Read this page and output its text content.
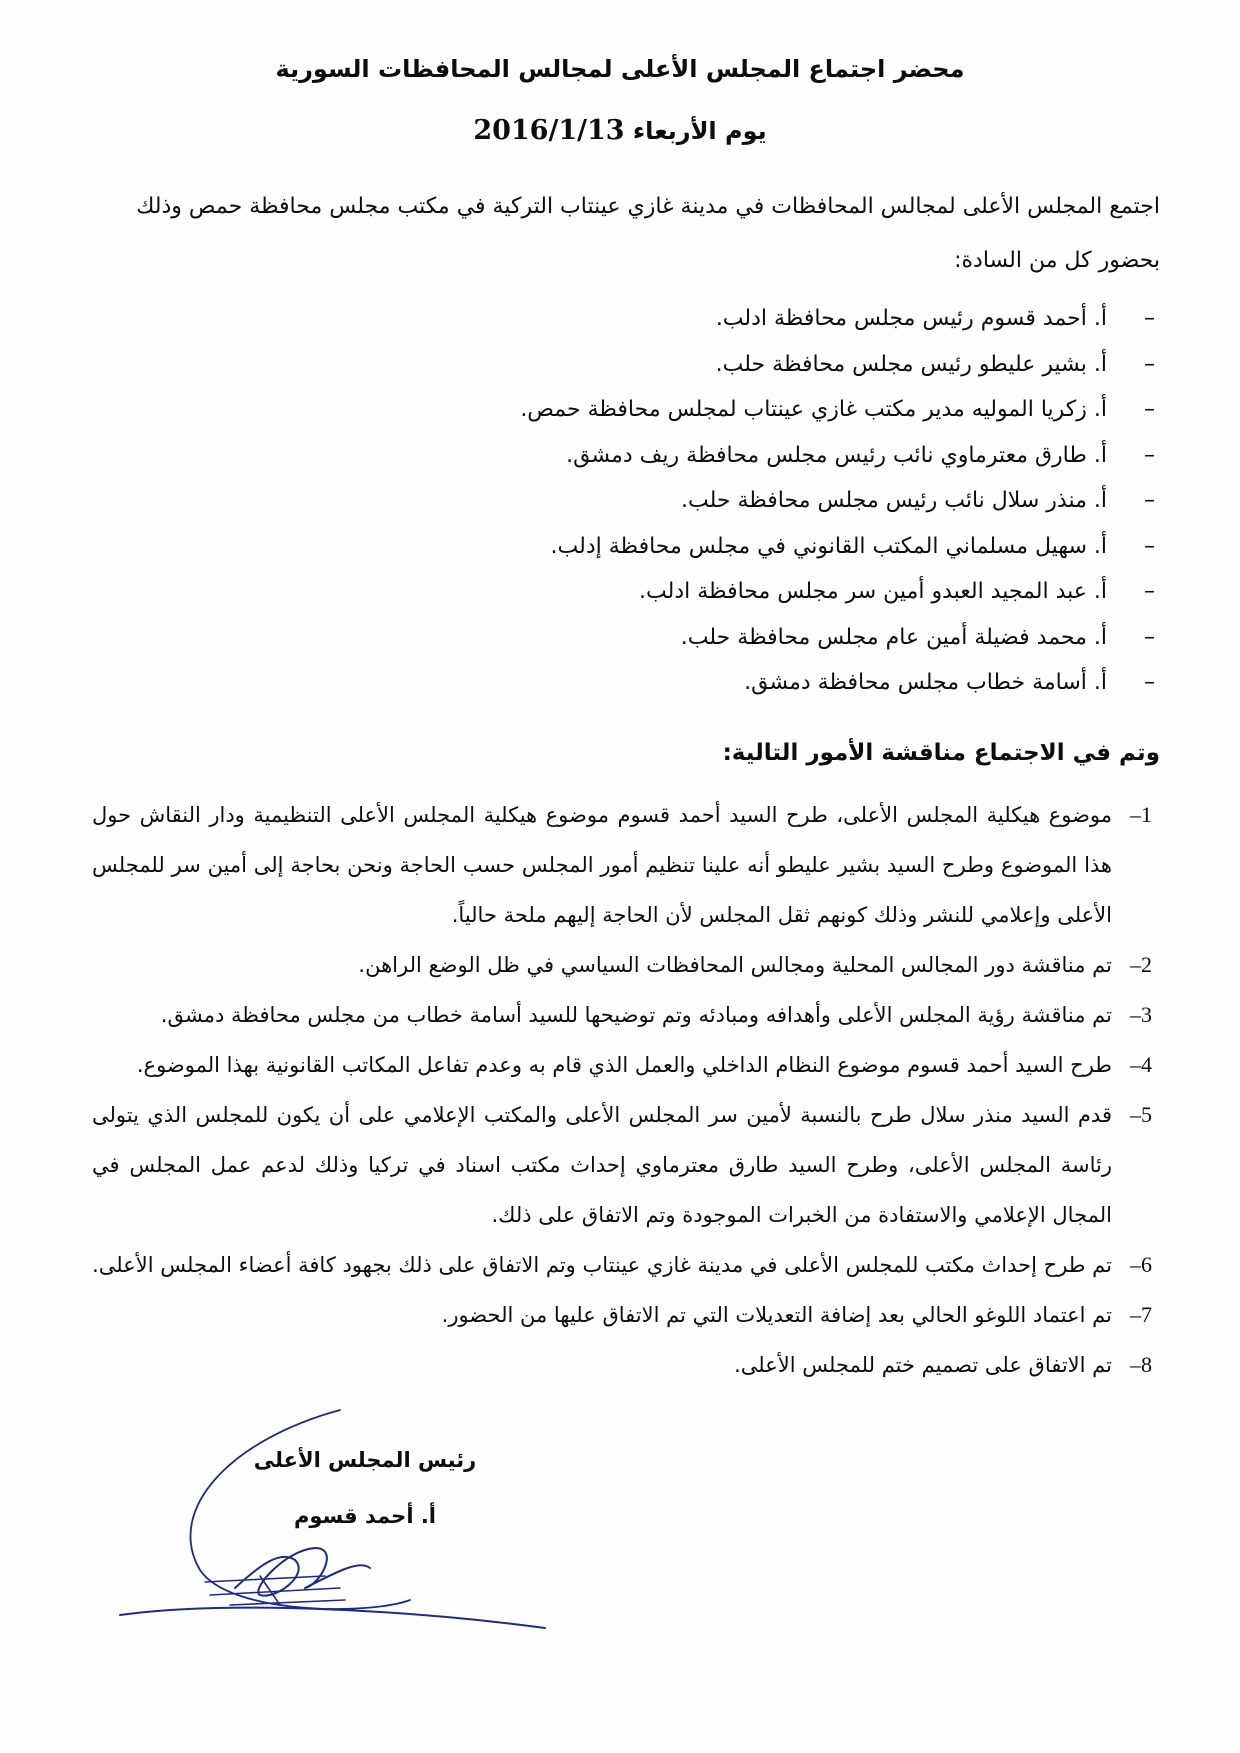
محضر اجتماع المجلس الأعلى لمجالس المحافظات السورية
يوم الأربعاء 2016/1/13
اجتمع المجلس الأعلى لمجالس المحافظات في مدينة غازي عينتاب التركية في مكتب مجلس محافظة حمص وذلك بحضور كل من السادة:
–
أ. أحمد قسوم رئيس مجلس محافظة ادلب.
–
أ. بشير عليطو رئيس مجلس محافظة حلب.
–
أ. زكريا الموليه مدير مكتب غازي عينتاب لمجلس محافظة حمص.
–
أ. طارق معترماوي نائب رئيس مجلس محافظة ريف دمشق.
–
أ. منذر سلال نائب رئيس مجلس محافظة حلب.
–
أ. سهيل مسلماني المكتب القانوني في مجلس محافظة إدلب.
–
أ. عبد المجيد العبدو أمين سر مجلس محافظة ادلب.
–
أ. محمد فضيلة أمين عام مجلس محافظة حلب.
–
أ. أسامة خطاب مجلس محافظة دمشق.
وتم في الاجتماع مناقشة الأمور التالية:
1–
موضوع هيكلية المجلس الأعلى، طرح السيد أحمد قسوم موضوع هيكلية المجلس الأعلى التنظيمية ودار النقاش حول هذا الموضوع وطرح السيد بشير عليطو أنه علينا تنظيم أمور المجلس حسب الحاجة ونحن بحاجة إلى أمين سر للمجلس الأعلى وإعلامي للنشر وذلك كونهم ثقل المجلس لأن الحاجة إليهم ملحة حالياً.
2–
تم مناقشة دور المجالس المحلية ومجالس المحافظات السياسي في ظل الوضع الراهن.
3–
تم مناقشة رؤية المجلس الأعلى وأهدافه ومبادئه وتم توضيحها للسيد أسامة خطاب من مجلس محافظة دمشق.
4–
طرح السيد أحمد قسوم موضوع النظام الداخلي والعمل الذي قام به وعدم تفاعل المكاتب القانونية بهذا الموضوع.
5–
قدم السيد منذر سلال طرح بالنسبة لأمين سر المجلس الأعلى والمكتب الإعلامي على أن يكون للمجلس الذي يتولى رئاسة المجلس الأعلى، وطرح السيد طارق معترماوي إحداث مكتب اسناد في تركيا وذلك لدعم عمل المجلس في المجال الإعلامي والاستفادة من الخبرات الموجودة وتم الاتفاق على ذلك.
6–
تم طرح إحداث مكتب للمجلس الأعلى في مدينة غازي عينتاب وتم الاتفاق على ذلك بجهود كافة أعضاء المجلس الأعلى.
7–
تم اعتماد اللوغو الحالي بعد إضافة التعديلات التي تم الاتفاق عليها من الحضور.
8–
تم الاتفاق على تصميم ختم للمجلس الأعلى.
رئيس المجلس الأعلى
أ. أحمد قسوم
